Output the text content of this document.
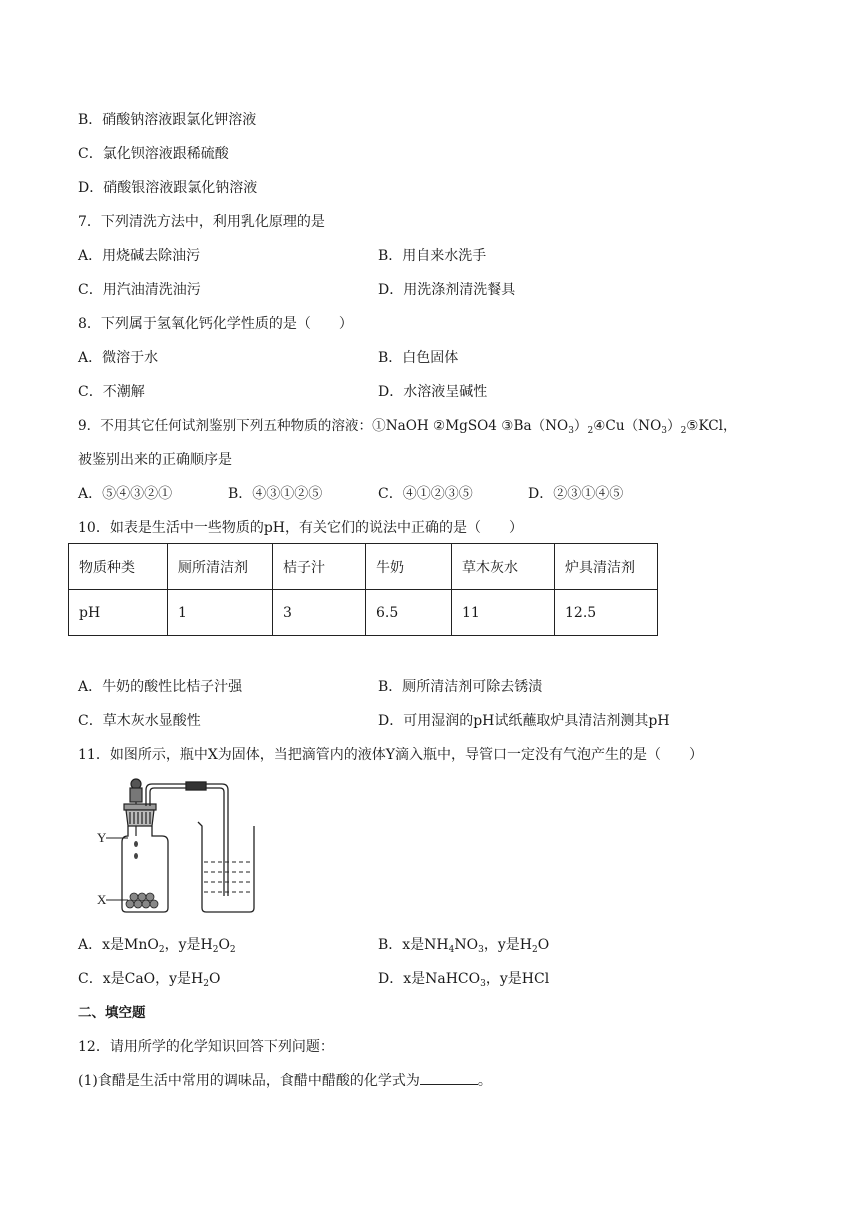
B．硝酸钠溶液跟氯化钾溶液
C．氯化钡溶液跟稀硫酸
D．硝酸银溶液跟氯化钠溶液
7．下列清洗方法中，利用乳化原理的是
A．用烧碱去除油污	B．用自来水洗手
C．用汽油清洗油污	D．用洗涤剂清洗餐具
8．下列属于氢氧化钙化学性质的是（　　）
A．微溶于水	B．白色固体
C．不潮解	D．水溶液呈碱性
9．不用其它任何试剂鉴别下列五种物质的溶液：①NaOH ②MgSO4 $③Ba(NO_3)_2④Cu(NO_3)_2⑤KCl$，
被鉴别出来的正确顺序是
A．⑤④③②①	B．④③①②⑤	C．④①②③⑤	D．②③①④⑤
10．如表是生活中一些物质的pH，有关它们的说法中正确的是（　　）
物质种类	厕所清洁剂	桔子汁	牛奶	草木灰水	炉具清洁剂
pH	1	3	6.5	11	12.5
A．牛奶的酸性比桔子汁强	B．厕所清洁剂可除去锈渍
C．草木灰水显酸性	D．可用湿润的pH试纸蘸取炉具清洁剂测其pH
11．如图所示，瓶中X为固体，当把滴管内的液体Y滴入瓶中，导管口一定没有气泡产生的是（　　）
Y
X
A．x是MnO$_2$，y是$H_2O_2$	B．x是$NH_4NO_3$，y是$H_2O$
C．x是CaO，y是$H_2O$	D．x是NaHCO$_3$，y是HCl
二、填空题
12．请用所学的化学知识回答下列问题：
(1)食醋是生活中常用的调味品，食醋中醋酸的化学式为	。
